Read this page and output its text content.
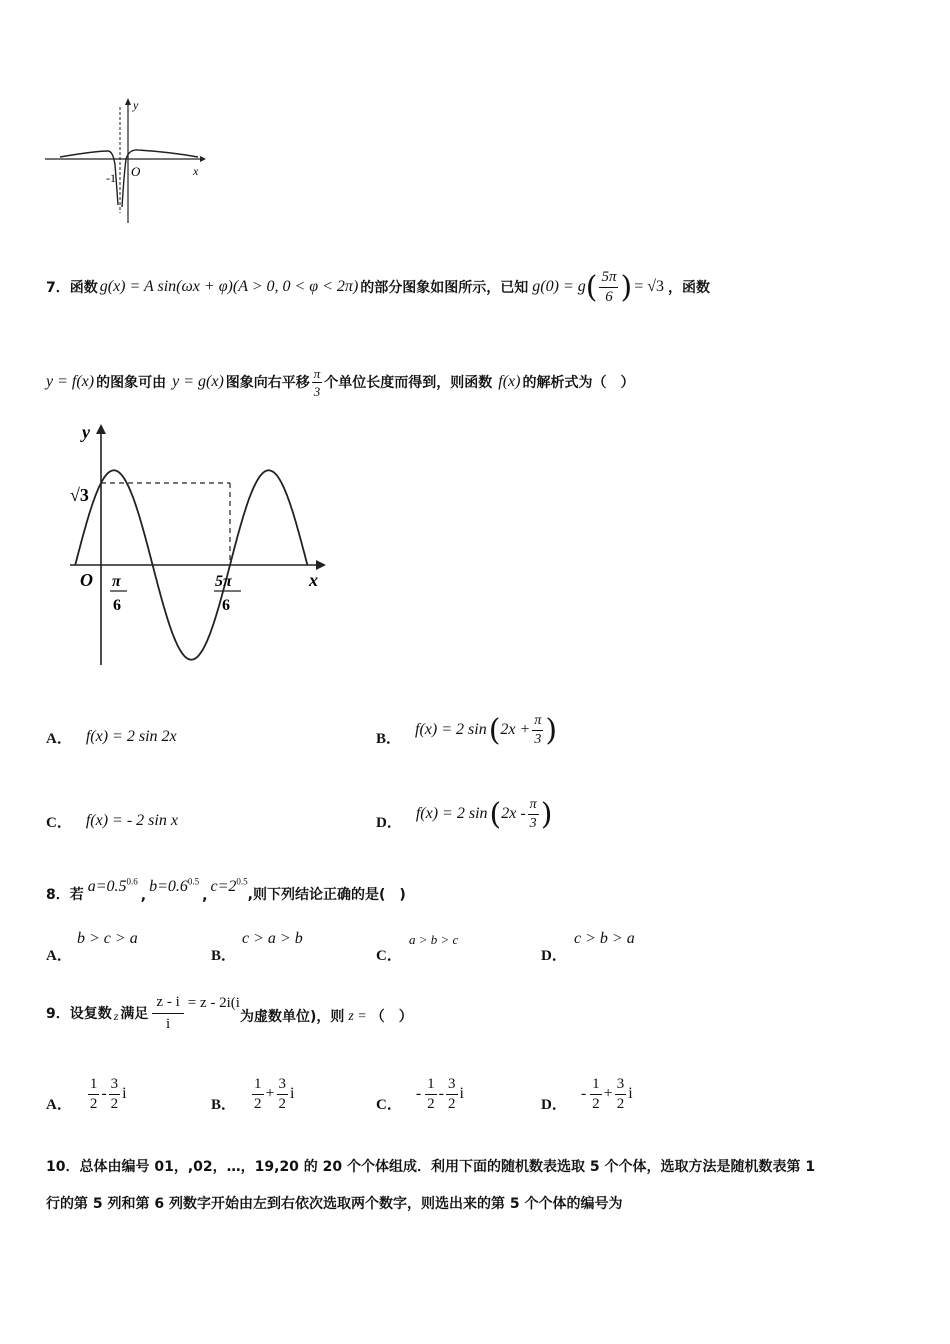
y
x
O
-1
7． 函数 g(x) = A sin(ωx + φ)(A > 0, 0 < φ < 2π) 的部分图象如图所示，已知 g(0) = g ( $\frac{5\pi}{6}$ ) = √3 ，函数
y = f(x) 的图象可由 y = g(x) 图象向右平移 $\frac{\pi}{3}$ 个单位长度而得到，则函数 f(x) 的解析式为（　）
y
x
O
√3
π
6
5π
6
A． f(x) = 2 sin 2x	B．
f(x) = 2 sin ( $2x + \frac{\pi}{3}$ )
C． f(x) = - 2 sin x	D．
f(x) = 2 sin ( $2x - \frac{\pi}{3}$ )
8． 若 $a=0.5^{0.6}$
,
$b=0.6^{0.5}$
,
$c=2^{0.5}$
,则下列结论正确的是(　)
A．
b > c > a
B．
c > a > b
C．
a > b > c
D．
c > b > a
9． 设复数 z 满足 $\frac{z - i}{i} = z - 2i(i$
为虚数单位)，则 z = （　）
A． $\frac{1}{2} - \frac{3}{2}$ i
B． $\frac{1}{2} + \frac{3}{2}$ i
C．
- $\frac{1}{2} - \frac{3}{2}$ i
D．
- $\frac{1}{2} + \frac{3}{2}$ i
10．总体由编号 01，,02，…，19,20 的 20 个个体组成．利用下面的随机数表选取 5 个个体，选取方法是随机数表第 1
行的第 5 列和第 6 列数字开始由左到右依次选取两个数字，则选出来的第 5 个个体的编号为
